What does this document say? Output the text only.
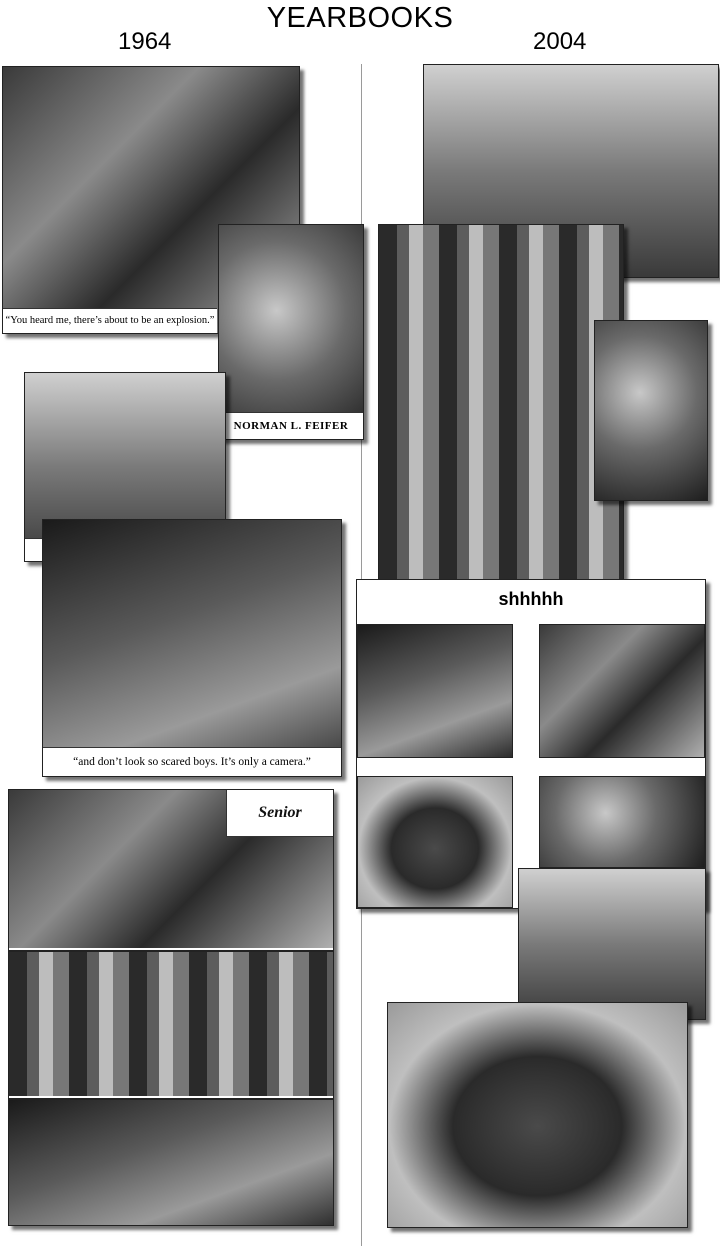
YEARBOOKS
1964	2004
“You heard me, there’s about to be an explosion.”
NORMAN L. FEIFER
“and don’t look so scared boys. It’s only a camera.”
Senior
shhhhh
